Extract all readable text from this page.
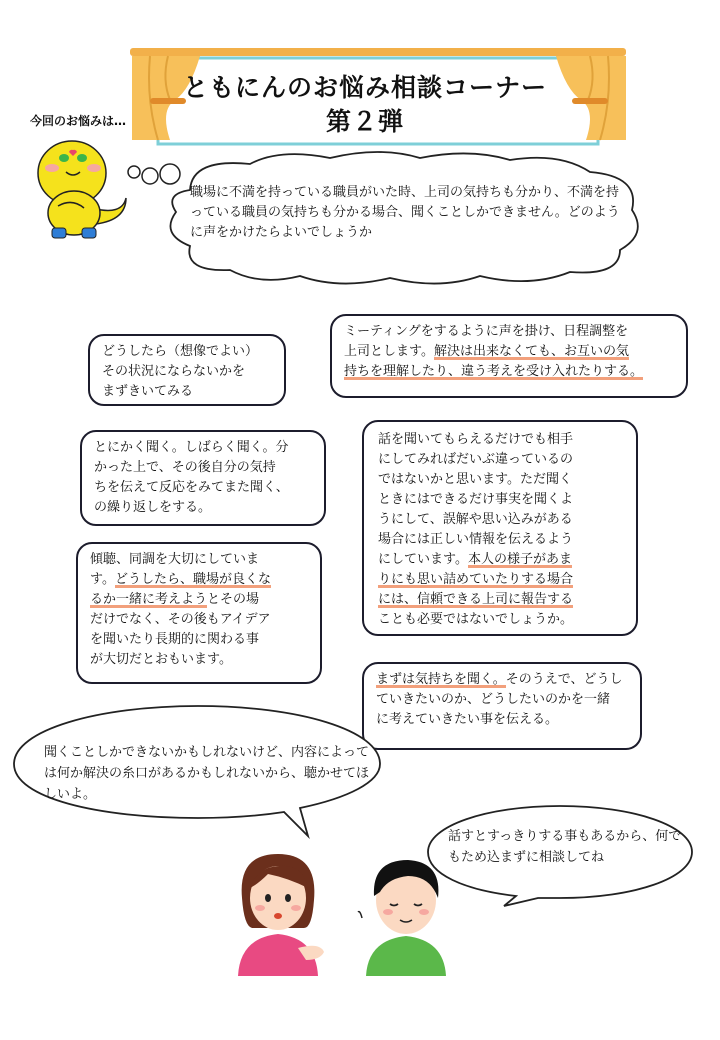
ともにんのお悩み相談コーナー
第２弾
今回のお悩みは…
職場に不満を持っている職員がいた時、上司の気持ちも分かり、不満を持っている職員の気持ちも分かる場合、聞くことしかできません。どのように声をかけたらよいでしょうか

どうしたら（想像でよい）
その状況にならないかを
まずきいてみる

ミーティングをするように声を掛け、日程調整を
上司とします。解決は出来なくても、お互いの気
持ちを理解したり、違う考えを受け入れたりする。

とにかく聞く。しばらく聞く。分
かった上で、その後自分の気持
ちを伝えて反応をみてまた聞く、
の繰り返しをする。

話を聞いてもらえるだけでも相手
にしてみればだいぶ違っているの
ではないかと思います。ただ聞く
ときにはできるだけ事実を聞くよ
うにして、誤解や思い込みがある
場合には正しい情報を伝えるよう
にしています。本人の様子があま
りにも思い詰めていたりする場合
には、信頼できる上司に報告する
ことも必要ではないでしょうか。

傾聴、同調を大切にしていま
す。どうしたら、職場が良くな
るか一緒に考えようとその場
だけでなく、その後もアイデア
を聞いたり長期的に関わる事
が大切だとおもいます。

まずは気持ちを聞く。そのうえで、どうし
ていきたいのか、どうしたいのかを一緒
に考えていきたい事を伝える。

聞くことしかできないかもしれないけど、内容によっては何か解決の糸口があるかもしれないから、聴かせてほしいよ。
話すとすっきりする事もあるから、何でもため込まずに相談してね
